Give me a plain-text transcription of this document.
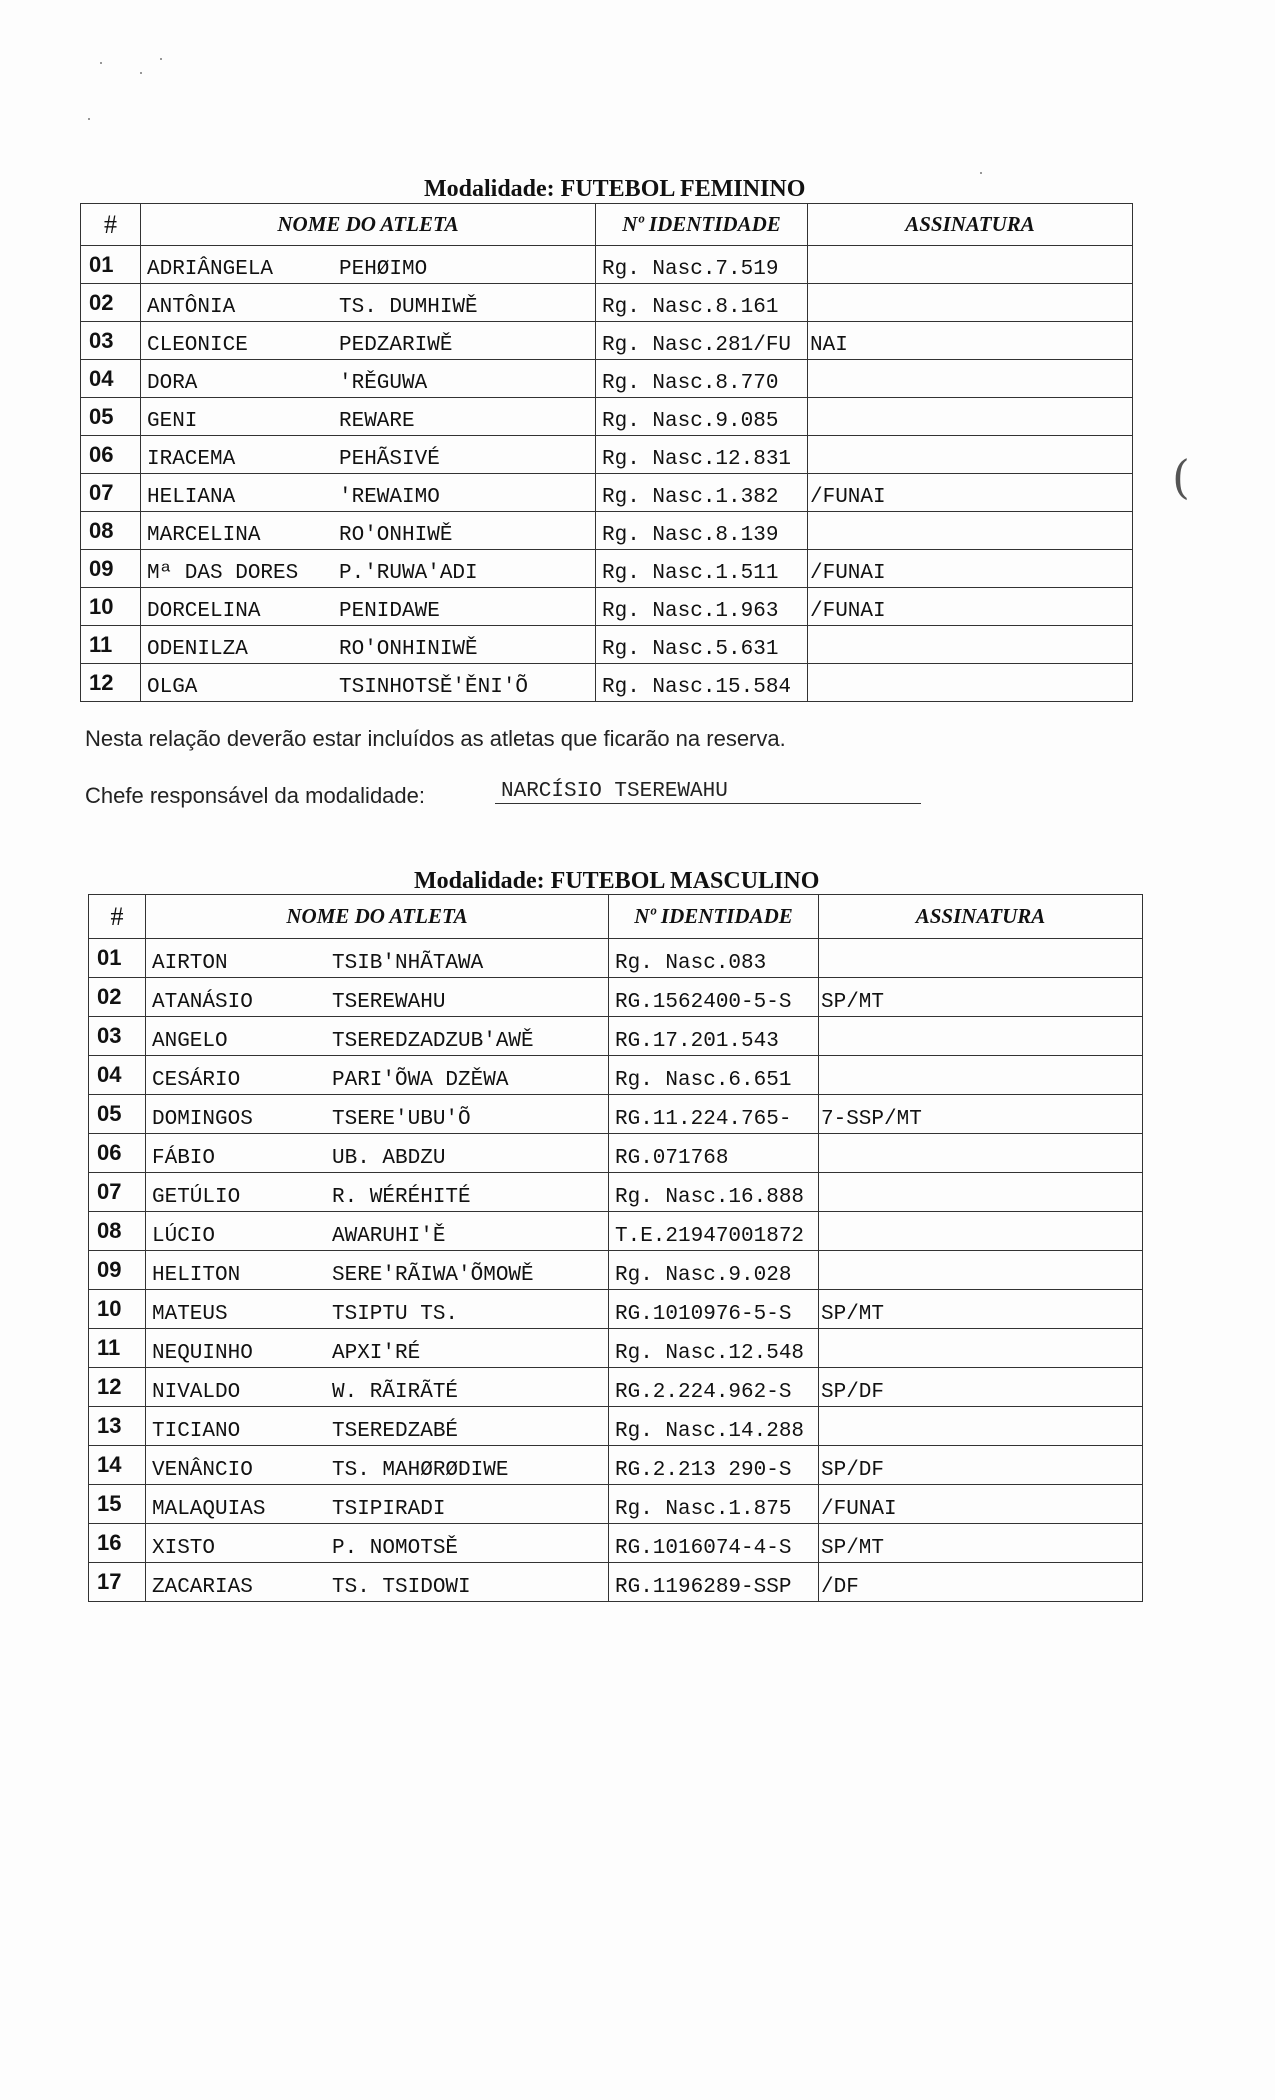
Modalidade: FUTEBOL FEMININO
#	NOME DO ATLETA	Nº IDENTIDADE	ASSINATURA
01	ADRIÂNGELA PEHØIMO	Rg. Nasc.7.519	
02	ANTÔNIA TS. DUMHIWĚ	Rg. Nasc.8.161	
03	CLEONICE PEDZARIWĚ	Rg. Nasc.281/FU	NAI
04	DORA 'RĚGUWA	Rg. Nasc.8.770	
05	GENI REWARE	Rg. Nasc.9.085	
06	IRACEMA PEHÃSIVÉ	Rg. Nasc.12.831	
07	HELIANA 'REWAIMO	Rg. Nasc.1.382	/FUNAI
08	MARCELINA RO'ONHIWĚ	Rg. Nasc.8.139	
09	Mª DAS DORES P.'RUWA'ADI	Rg. Nasc.1.511	/FUNAI
10	DORCELINA PENIDAWE	Rg. Nasc.1.963	/FUNAI
11	ODENILZA RO'ONHINIWĚ	Rg. Nasc.5.631	
12	OLGA TSINHOTSĚ'ĚNI'Õ	Rg. Nasc.15.584	
Nesta relação deverão estar incluídos as atletas que ficarão na reserva.
Chefe responsável da modalidade:	NARCÍSIO TSEREWAHU
(
Modalidade: FUTEBOL MASCULINO
#	NOME DO ATLETA	Nº IDENTIDADE	ASSINATURA
01	AIRTON TSIB'NHÃTAWA	Rg. Nasc.083	
02	ATANÁSIO TSEREWAHU	RG.1562400-5-S	SP/MT
03	ANGELO TSEREDZADZUB'AWĚ	RG.17.201.543	
04	CESÁRIO PARI'ÕWA DZĚWA	Rg. Nasc.6.651	
05	DOMINGOS TSERE'UBU'Õ	RG.11.224.765-	7-SSP/MT
06	FÁBIO UB. ABDZU	RG.071768	
07	GETÚLIO R. WÉRÉHITÉ	Rg. Nasc.16.888	
08	LÚCIO AWARUHI'Ě	T.E.21947001872	
09	HELITON SERE'RÃIWA'ÕMOWĚ	Rg. Nasc.9.028	
10	MATEUS TSIPTU TS.	RG.1010976-5-S	SP/MT
11	NEQUINHO APXI'RÉ	Rg. Nasc.12.548	
12	NIVALDO W. RÃIRÃTÉ	RG.2.224.962-S	SP/DF
13	TICIANO TSEREDZABÉ	Rg. Nasc.14.288	
14	VENÂNCIO TS. MAHØRØDIWE	RG.2.213 290-S	SP/DF
15	MALAQUIAS TSIPIRADI	Rg. Nasc.1.875	/FUNAI
16	XISTO P. NOMOTSĚ	RG.1016074-4-S	SP/MT
17	ZACARIAS TS. TSIDOWI	RG.1196289-SSP	/DF
